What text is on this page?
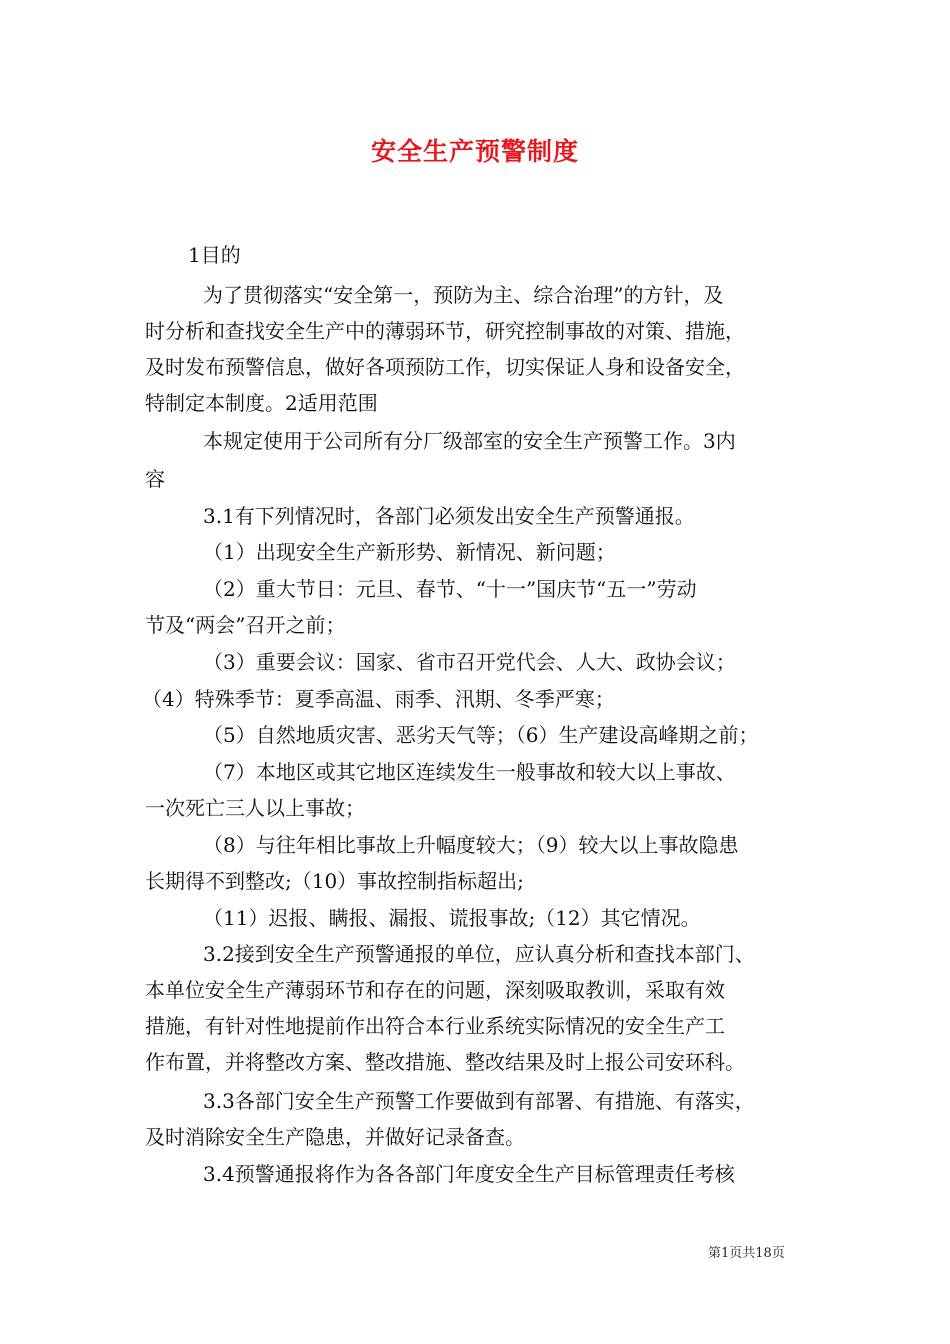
安全生产预警制度
1目的
为了贯彻落实“安全第一，预防为主、综合治理”的方针，及
时分析和查找安全生产中的薄弱环节，研究控制事故的对策、措施，
及时发布预警信息，做好各项预防工作，切实保证人身和设备安全，
特制定本制度。2适用范围
本规定使用于公司所有分厂级部室的安全生产预警工作。3内
容
3.1有下列情况时，各部门必须发出安全生产预警通报。
（1）出现安全生产新形势、新情况、新问题；
（2）重大节日：元旦、春节、“十一”国庆节“五一”劳动
节及“两会”召开之前；
（3）重要会议：国家、省市召开党代会、人大、政协会议；
（4）特殊季节：夏季高温、雨季、汛期、冬季严寒；
（5）自然地质灾害、恶劣天气等；（6）生产建设高峰期之前；
（7）本地区或其它地区连续发生一般事故和较大以上事故、
一次死亡三人以上事故；
（8）与往年相比事故上升幅度较大；（9）较大以上事故隐患
长期得不到整改;（10）事故控制指标超出;
（11）迟报、瞒报、漏报、谎报事故;（12）其它情况。
3.2接到安全生产预警通报的单位，应认真分析和查找本部门、
本单位安全生产薄弱环节和存在的问题，深刻吸取教训，采取有效
措施，有针对性地提前作出符合本行业系统实际情况的安全生产工
作布置，并将整改方案、整改措施、整改结果及时上报公司安环科。
3.3各部门安全生产预警工作要做到有部署、有措施、有落实，
及时消除安全生产隐患，并做好记录备查。
3.4预警通报将作为各各部门年度安全生产目标管理责任考核
第1页共18页
